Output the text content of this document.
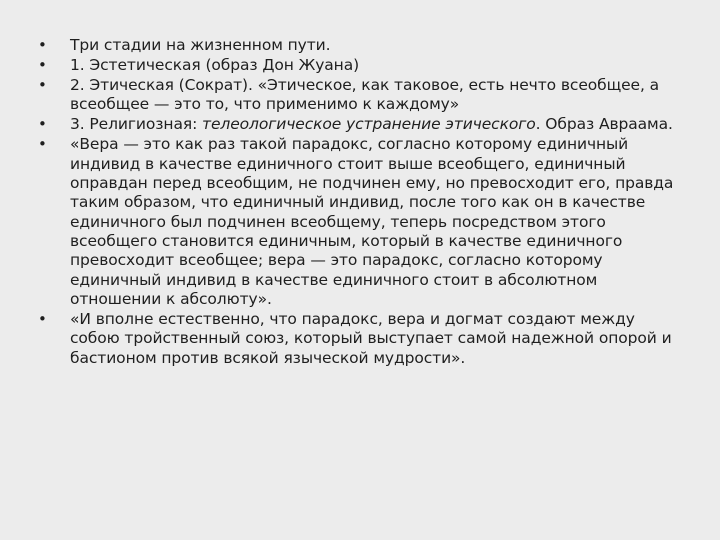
•	Три стадии на жизненном пути.
•	1. Эстетическая (образ Дон Жуана)
•	2. Этическая (Сократ). «Этическое, как таковое, есть нечто всеобщее, а всеобщее — это то, что применимо к каждому»
•	3. Религиозная: телеологическое устранение этического. Образ Авраама.
•	«Вера — это как раз такой парадокс, согласно которому единичный индивид в качестве единичного стоит выше всеобщего, единичный оправдан перед всеобщим, не подчинен ему, но превосходит его, правда таким образом, что единичный индивид, после того как он в качестве единичного был подчинен всеобщему, теперь посредством этого всеобщего становится единичным, который в качестве единичного превосходит всеобщее; вера — это парадокс, согласно которому единичный индивид в качестве единичного стоит в абсолютном отношении к абсолюту».
•	«И вполне естественно, что парадокс, вера и догмат создают между собою тройственный союз, который выступает самой надежной опорой и бастионом против всякой языческой мудрости».
